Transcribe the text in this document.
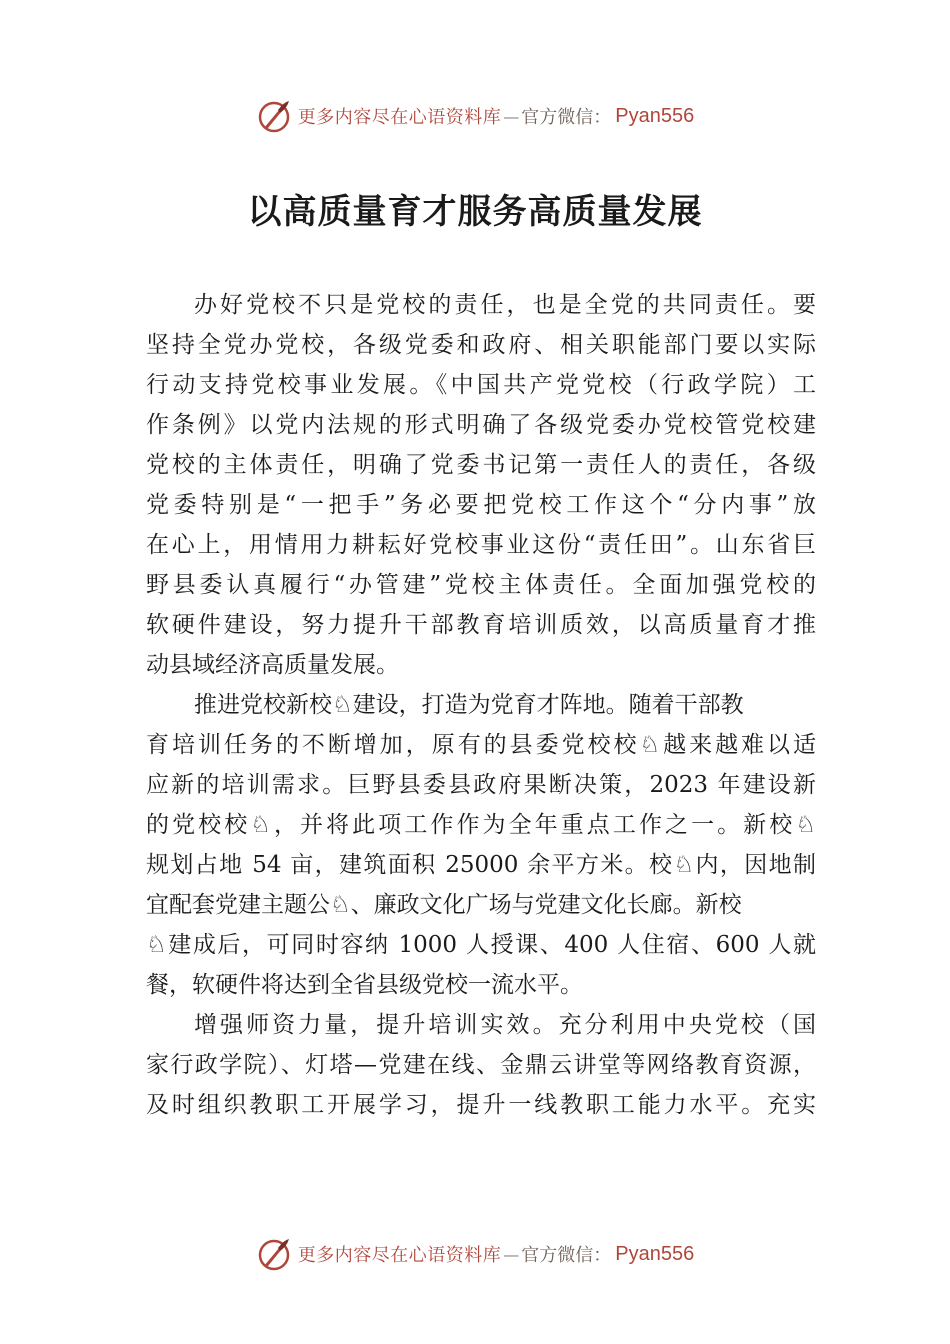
更多内容尽在心语资料库 — 官方微信： Pyan556
以高质量育才服务高质量发展
办好党校不只是党校的责任，也是全党的共同责任。要
坚持全党办党校，各级党委和政府、相关职能部门要以实际
行动支持党校事业发展。《中国共产党党校（行政学院）工
作条例》以党内法规的形式明确了各级党委办党校管党校建
党校的主体责任，明确了党委书记第一责任人的责任，各级
党委特别是“一把手”务必要把党校工作这个“分内事”放
在心上，用情用力耕耘好党校事业这份“责任田”。山东省巨
野县委认真履行“办管建”党校主体责任。全面加强党校的
软硬件建设，努力提升干部教育培训质效，以高质量育才推
动县域经济高质量发展。
推进党校新校♘建设，打造为党育才阵地。随着干部教
育培训任务的不断增加，原有的县委党校校♘越来越难以适
应新的培训需求。巨野县委县政府果断决策，2023 年建设新
的党校校♘，并将此项工作作为全年重点工作之一。新校♘
规划占地 54 亩，建筑面积 25000 余平方米。校♘内，因地制
宜配套党建主题公♘、廉政文化广场与党建文化长廊。新校
♘建成后，可同时容纳 1000 人授课、400 人住宿、600 人就
餐，软硬件将达到全省县级党校一流水平。
增强师资力量，提升培训实效。充分利用中央党校（国
家行政学院）、灯塔—党建在线、金鼎云讲堂等网络教育资源，
及时组织教职工开展学习，提升一线教职工能力水平。充实
更多内容尽在心语资料库 — 官方微信： Pyan556
